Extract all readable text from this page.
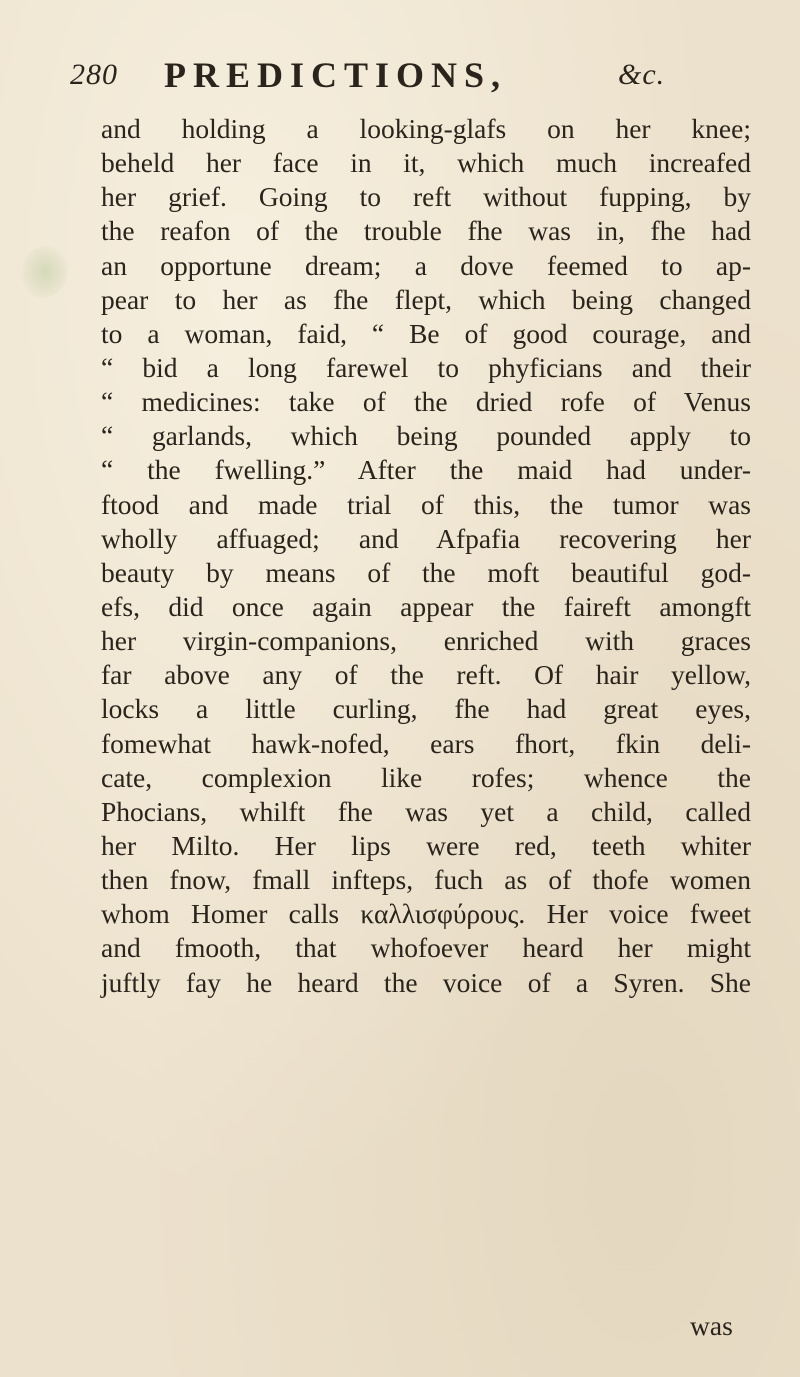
280 PREDICTIONS,	&c.
and holding a looking-glafs on her knee;
beheld her face in it, which much increafed
her grief. Going to reft without fupping, by
the reafon of the trouble fhe was in, fhe had
an opportune dream; a dove feemed to ap-
pear to her as fhe flept, which being changed
to a woman, faid, “ Be of good courage, and
“ bid a long farewel to phyficians and their
“ medicines: take of the dried rofe of Venus
“ garlands, which being pounded apply to
“ the fwelling.” After the maid had under-
ftood and made trial of this, the tumor was
wholly affuaged; and Afpafia recovering her
beauty by means of the moft beautiful god-
efs, did once again appear the faireft amongft
her virgin-companions, enriched with graces
far above any of the reft. Of hair yellow,
locks a little curling, fhe had great eyes,
fomewhat hawk-nofed, ears fhort, fkin deli-
cate, complexion like rofes; whence the
Phocians, whilft fhe was yet a child, called
her Milto. Her lips were red, teeth whiter
then fnow, fmall infteps, fuch as of thofe women
whom Homer calls καλλισφύρους. Her voice fweet
and fmooth, that whofoever heard her might
juftly fay he heard the voice of a Syren. She
was
